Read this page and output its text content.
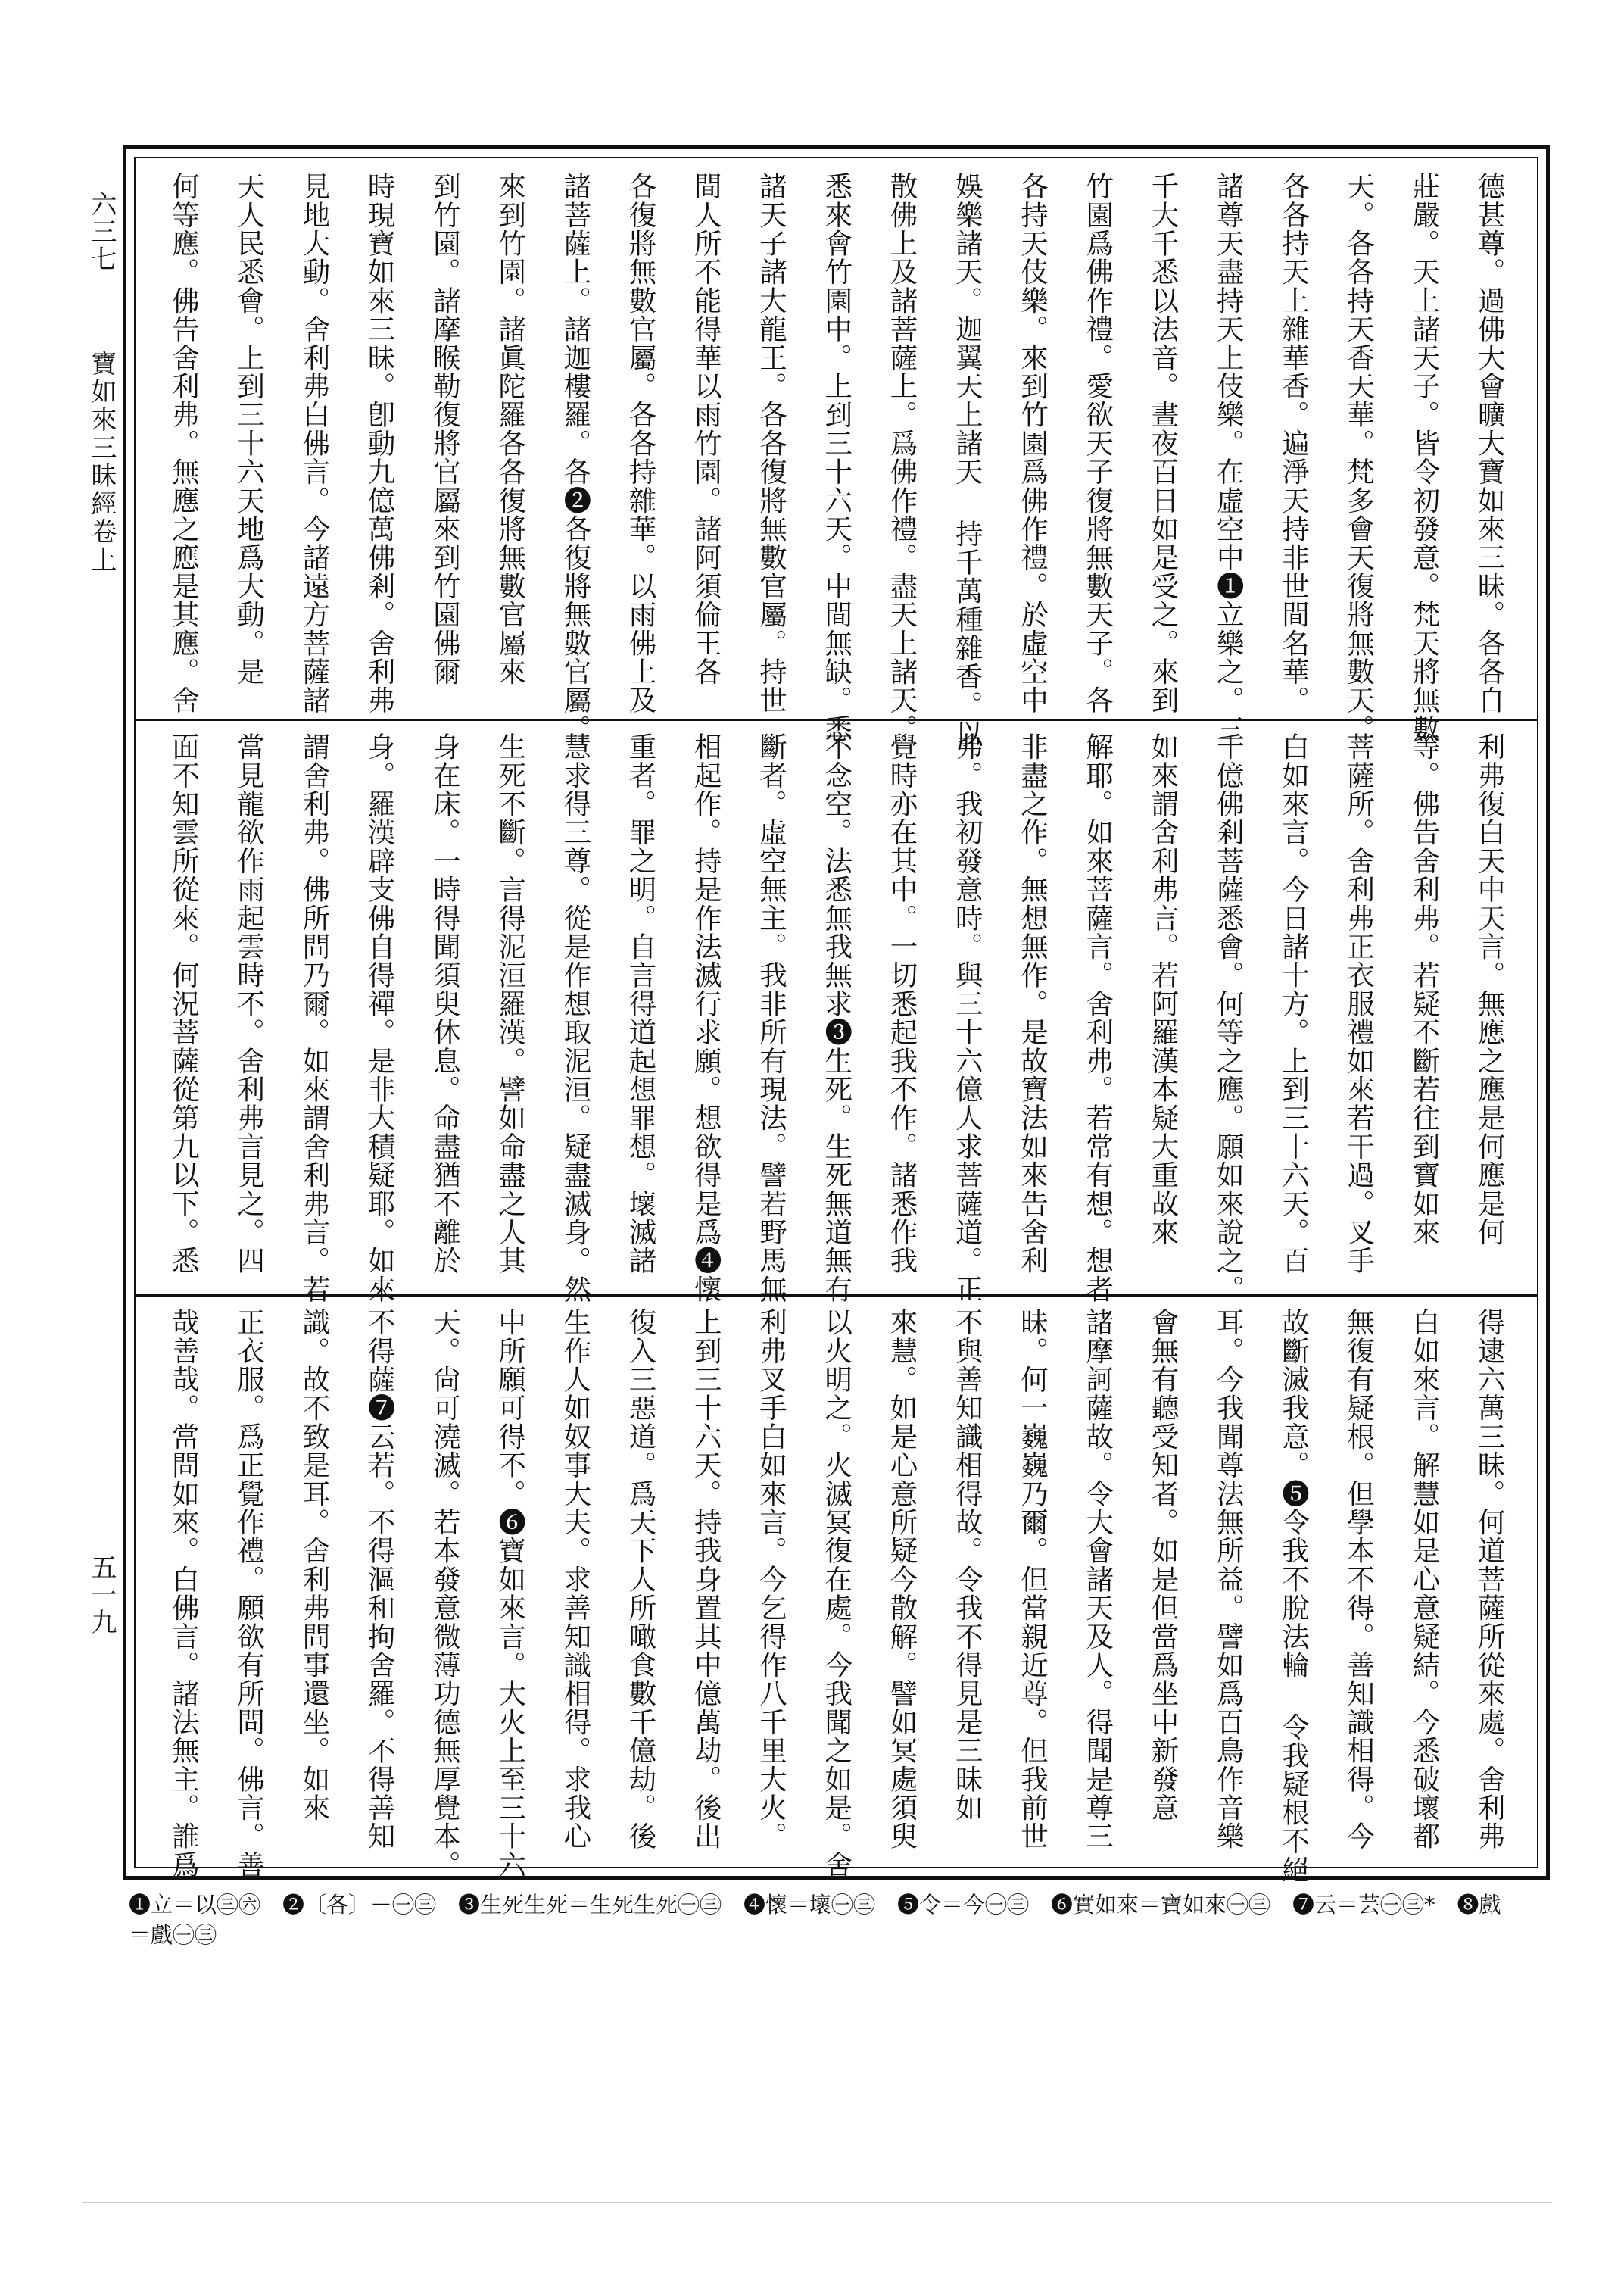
六三七
寶如來三昧經卷上
五一九
德甚尊。過佛大會曠大寶如來三昧。各各自
莊嚴。天上諸天子。皆令初發意。梵天將無數
天。各各持天香天華。梵多會天復將無數天。
各各持天上雜華香。遍淨天持非世間名華。
諸尊天盡持天上伎樂。在虛空中❶立樂之。三
千大千悉以法音。晝夜百日如是受之。來到
竹園爲佛作禮。愛欲天子復將無數天子。各
各持天伎樂。來到竹園爲佛作禮。於虛空中
娛樂諸天。迦翼天上諸天 持千萬種雜香。以
散佛上及諸菩薩上。爲佛作禮。盡天上諸天。
悉來會竹園中。上到三十六天。中間無缺。悉
諸天子諸大龍王。各各復將無數官屬。持世
間人所不能得華以雨竹園。諸阿須倫王各
各復將無數官屬。各各持雜華。以雨佛上及
諸菩薩上。諸迦樓羅。各❷各復將無數官屬。
來到竹園。諸眞陀羅各各復將無數官屬來
到竹園。諸摩睺勒復將官屬來到竹園佛爾
時現寶如來三昧。卽動九億萬佛剎。舍利弗
見地大動。舍利弗白佛言。今諸遠方菩薩諸
天人民悉會。上到三十六天地爲大動。是
何等應。佛告舍利弗。無應之應是其應。舍
利弗復白天中天言。無應之應是何應是何
等。佛告舍利弗。若疑不斷若往到寶如來
菩薩所。舍利弗正衣服禮如來若干過。叉手
白如來言。今日諸十方。上到三十六天。百
千億佛剎菩薩悉會。何等之應。願如來說之。
如來謂舍利弗言。若阿羅漢本疑大重故來
解耶。如來菩薩言。舍利弗。若常有想。想者
非盡之作。無想無作。是故寶法如來告舍利
弗。我初發意時。與三十六億人求菩薩道。正
覺時亦在其中。一切悉起我不作。諸悉作我
不念空。法悉無我無求❸生死。生死無道無有
斷者。虛空無主。我非所有現法。譬若野馬無
相起作。持是作法滅行求願。想欲得是爲❹懷
重者。罪之明。自言得道起想罪想。壞滅諸
慧求得三尊。從是作想取泥洹。疑盡滅身。然
生死不斷。言得泥洹羅漢。譬如命盡之人其
身在床。一時得聞須臾休息。命盡猶不離於
身。羅漢辟支佛自得禪。是非大積疑耶。如來
謂舍利弗。佛所問乃爾。如來謂舍利弗言。若
當見龍欲作雨起雲時不。舍利弗言見之。四
面不知雲所從來。何況菩薩從第九以下。悉
得逮六萬三昧。何道菩薩所從來處。舍利弗
白如來言。解慧如是心意疑結。今悉破壞都
無復有疑根。但學本不得。善知識相得。今
故斷滅我意。❺令我不脫法輪 令我疑根不絕
耳。今我聞尊法無所益。譬如爲百鳥作音樂
會無有聽受知者。如是但當爲坐中新發意
諸摩訶薩故。令大會諸天及人。得聞是尊三
昧。何一巍巍乃爾。但當親近尊。但我前世
不與善知識相得故。令我不得見是三昧如
來慧。如是心意所疑今散解。譬如冥處須臾
以火明之。火滅冥復在處。今我聞之如是。舍
利弗叉手白如來言。今乞得作八千里大火。
上到三十六天。持我身置其中億萬劫。後出
復入三惡道。爲天下人所噉食數千億劫。後
生作人如奴事大夫。求善知識相得。求我心
中所願可得不。❻寶如來言。大火上至三十六
天。尙可澆滅。若本發意微薄功德無厚覺本。
不得薩❼云若。不得漚和拘舍羅。不得善知
識。故不致是耳。舍利弗問事還坐。如來
正衣服。爲正覺作禮。願欲有所問。佛言。善
哉善哉。當問如來。白佛言。諸法無主。誰爲
❶立＝以㊂㊅　❷〔各〕－㊀㊂　❸生死生死＝生死生死㊀㊂　❹懷＝壞㊀㊂　❺令＝今㊀㊂　❻實如來＝寶如來㊀㊂　❼云＝芸㊀㊂*　❽戲
＝戲㊀㊂
